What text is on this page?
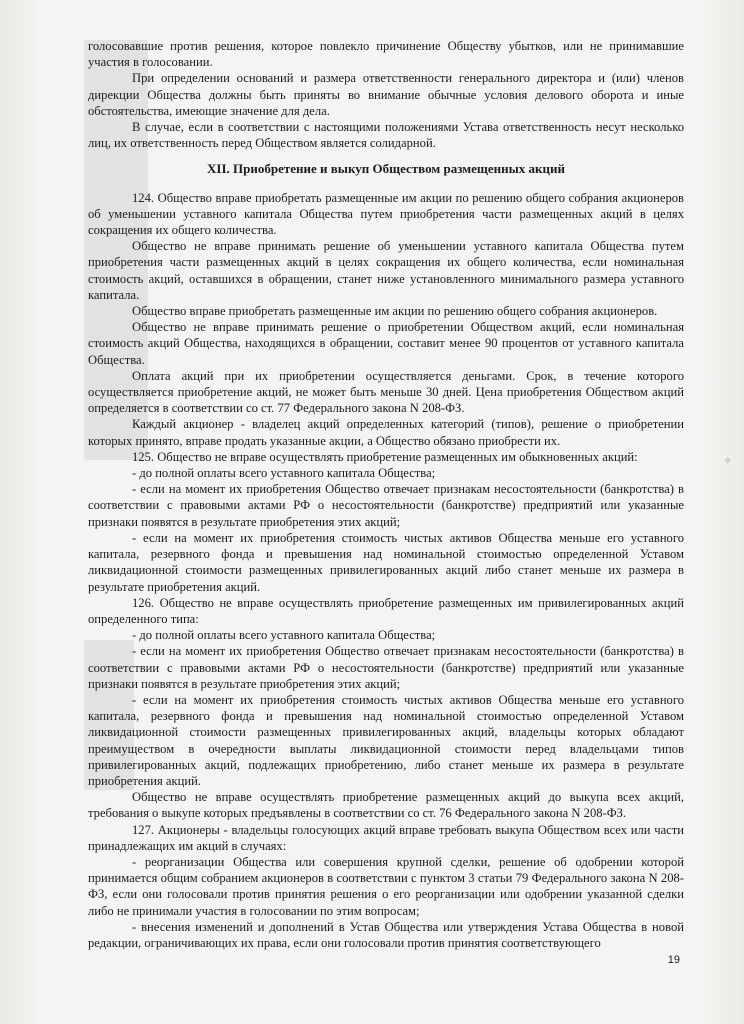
голосовавшие против решения, которое повлекло причинение Обществу убытков, или не принимавшие участия в голосовании.

При определении оснований и размера ответственности генерального директора и (или) членов дирекции Общества должны быть приняты во внимание обычные условия делового оборота и иные обстоятельства, имеющие значение для дела.

В случае, если в соответствии с настоящими положениями Устава ответственность несут несколько лиц, их ответственность перед Обществом является солидарной.

XII. Приобретение и выкуп Обществом размещенных акций

124. Общество вправе приобретать размещенные им акции по решению общего собрания акционеров об уменьшении уставного капитала Общества путем приобретения части размещенных акций в целях сокращения их общего количества.

Общество не вправе принимать решение об уменьшении уставного капитала Общества путем приобретения части размещенных акций в целях сокращения их общего количества, если номинальная стоимость акций, оставшихся в обращении, станет ниже установленного минимального размера уставного капитала.

Общество вправе приобретать размещенные им акции по решению общего собрания акционеров.

Общество не вправе принимать решение о приобретении Обществом акций, если номинальная стоимость акций Общества, находящихся в обращении, составит менее 90 процентов от уставного капитала Общества.

Оплата акций при их приобретении осуществляется деньгами. Срок, в течение которого осуществляется приобретение акций, не может быть меньше 30 дней. Цена приобретения Обществом акций определяется в соответствии со ст. 77 Федерального закона N 208-ФЗ.

Каждый акционер - владелец акций определенных категорий (типов), решение о приобретении которых принято, вправе продать указанные акции, а Общество обязано приобрести их.

125. Общество не вправе осуществлять приобретение размещенных им обыкновенных акций:

- до полной оплаты всего уставного капитала Общества;

- если на момент их приобретения Общество отвечает признакам несостоятельности (банкротства) в соответствии с правовыми актами РФ о несостоятельности (банкротстве) предприятий или указанные признаки появятся в результате приобретения этих акций;

- если на момент их приобретения стоимость чистых активов Общества меньше его уставного капитала, резервного фонда и превышения над номинальной стоимостью определенной Уставом ликвидационной стоимости размещенных привилегированных акций либо станет меньше их размера в результате приобретения акций.

126. Общество не вправе осуществлять приобретение размещенных им привилегированных акций определенного типа:

- до полной оплаты всего уставного капитала Общества;

- если на момент их приобретения Общество отвечает признакам несостоятельности (банкротства) в соответствии с правовыми актами РФ о несостоятельности (банкротстве) предприятий или указанные признаки появятся в результате приобретения этих акций;

- если на момент их приобретения стоимость чистых активов Общества меньше его уставного капитала, резервного фонда и превышения над номинальной стоимостью определенной Уставом ликвидационной стоимости размещенных привилегированных акций, владельцы которых обладают преимуществом в очередности выплаты ликвидационной стоимости перед владельцами типов привилегированных акций, подлежащих приобретению, либо станет меньше их размера в результате приобретения акций.

Общество не вправе осуществлять приобретение размещенных акций до выкупа всех акций, требования о выкупе которых предъявлены в соответствии со ст. 76 Федерального закона N 208-ФЗ.

127. Акционеры - владельцы голосующих акций вправе требовать выкупа Обществом всех или части принадлежащих им акций в случаях:

- реорганизации Общества или совершения крупной сделки, решение об одобрении которой принимается общим собранием акционеров в соответствии с пунктом 3 статьи 79 Федерального закона N 208-ФЗ, если они голосовали против принятия решения о его реорганизации или одобрении указанной сделки либо не принимали участия в голосовании по этим вопросам;

- внесения изменений и дополнений в Устав Общества или утверждения Устава Общества в новой редакции, ограничивающих их права, если они голосовали против принятия соответствующего

✧
19
